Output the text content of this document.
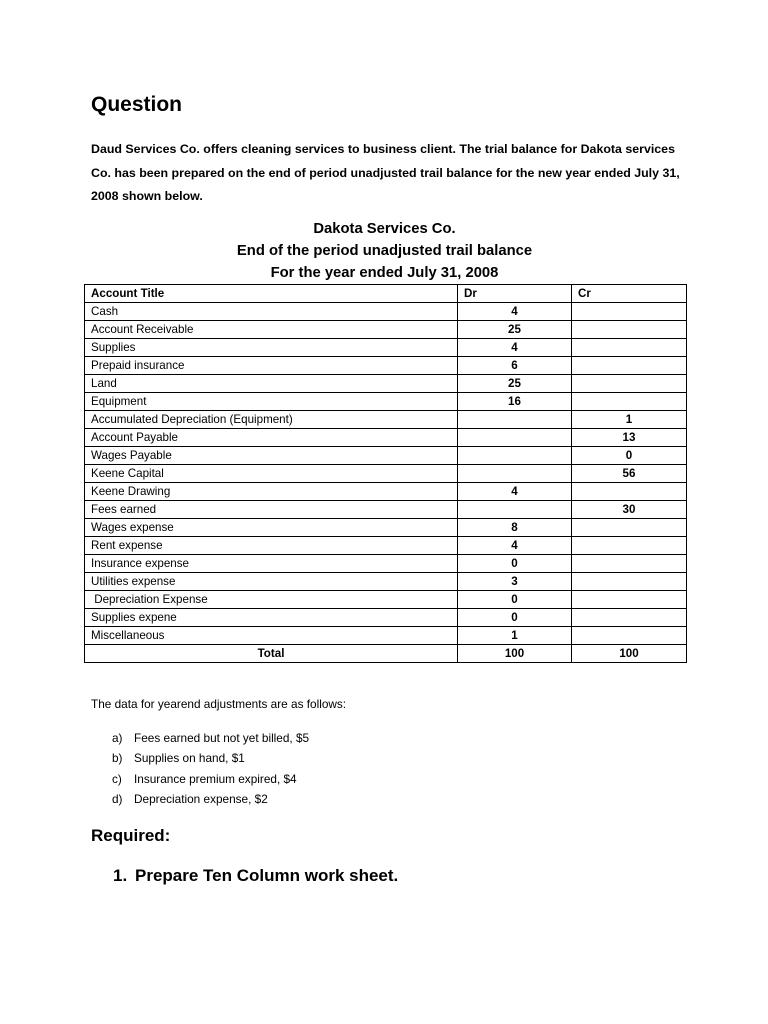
Question

Daud Services Co. offers cleaning services to business client. The trial balance for Dakota services Co. has been prepared on the end of period unadjusted trail balance for the new year ended July 31, 2008 shown below.

Dakota Services Co.
End of the period unadjusted trail balance
For the year ended July 31, 2008
Account Title	Dr	Cr
Cash	4	
Account Receivable	25	
Supplies	4	
Prepaid insurance	6	
Land	25	
Equipment	16	
Accumulated Depreciation (Equipment)		1
Account Payable		13
Wages Payable		0
Keene Capital		56
Keene Drawing	4	
Fees earned		30
Wages expense	8	
Rent expense	4	
Insurance expense	0	
Utilities expense	3	
Depreciation Expense	0	
Supplies expene	0	
Miscellaneous	1	
Total	100	100

The data for yearend adjustments are as follows:

a) Fees earned but not yet billed, $5
b) Supplies on hand, $1
c) Insurance premium expired, $4
d) Depreciation expense, $2
Required:

1. Prepare Ten Column work sheet.
